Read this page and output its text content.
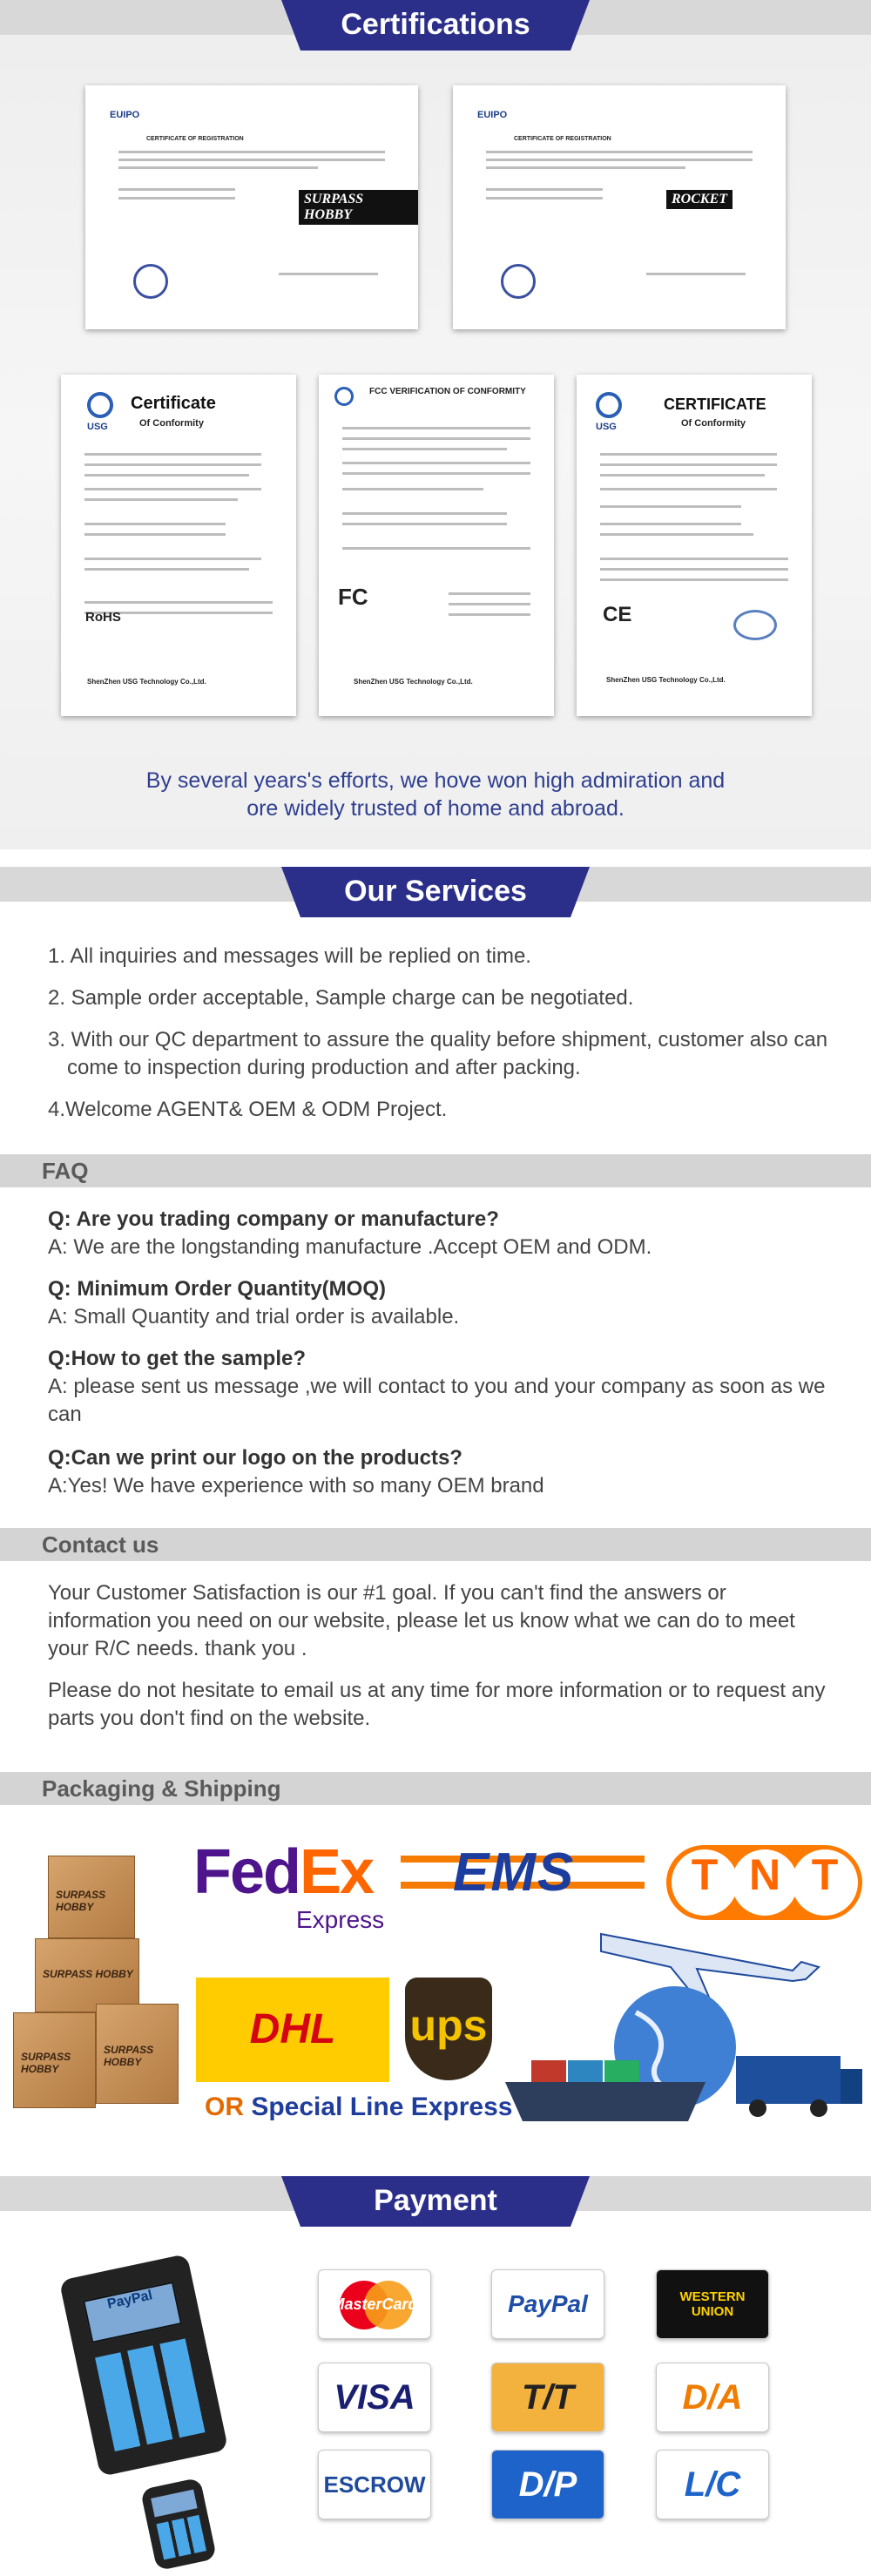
Certifications
EUIPO
CERTIFICATE OF REGISTRATION
SURPASS HOBBY
EUIPO
CERTIFICATE OF REGISTRATION
ROCKET
USG
Certificate
Of Conformity
RoHS
ShenZhen USG Technology Co.,Ltd.
FCC VERIFICATION OF CONFORMITY
FC
ShenZhen USG Technology Co.,Ltd.
USG
CERTIFICATE
Of Conformity
CE
ShenZhen USG Technology Co.,Ltd.
By several years's efforts, we hove won high admiration and
ore widely trusted of home and abroad.
Our Services
1. All inquiries and messages will be replied on time.
2. Sample order acceptable, Sample charge can be negotiated.
3. With our QC department to assure the quality before shipment, customer also can come to inspection during production and after packing.
4.Welcome AGENT& OEM & ODM Project.
FAQ
Q: Are you trading company or manufacture?
A: We are the longstanding manufacture .Accept OEM and ODM.
Q: Minimum Order Quantity(MOQ)
A: Small Quantity and trial order is available.
Q:How to get the sample?
A: please sent us message ,we will contact to you and your company as soon as we can
Q:Can we print our logo on the products?
A:Yes! We have experience with so many OEM brand
Contact us
Your Customer Satisfaction is our #1 goal. If you can't find the answers or information you need on our website, please let us know what we can do to meet your R/C needs. thank you .
Please do not hesitate to email us at any time for more information or to request any parts you don't find on the website.
Packaging & Shipping
SURPASS HOBBY
SURPASS HOBBY
SURPASS HOBBY
SURPASS HOBBY
FedEx
Express
EMS	T N T
DHL	ups
OR Special Line Express
Payment
PayPal	MasterCard	PayPal	WESTERN UNION
VISA	T/T	D/A
ESCROW	D/P	L/C
